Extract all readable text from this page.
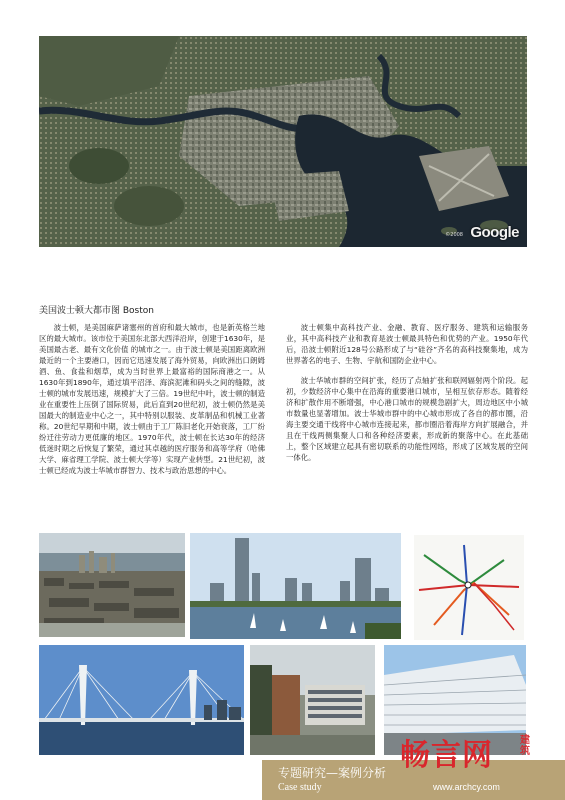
©2008 Google
美国波士顿大都市图 Boston

波士顿，是美国麻萨诸塞州的首府和最大城市，也是新英格兰地区的最大城市。该市位于美国东北部大西洋沿岸，创建于1630年，是美国最古老、最有文化价值 的城市之一。由于波士顿是美国距离欧洲最近的一个主要港口，因而它迅速发展了海外贸易，向欧洲出口朗姆酒、鱼、食盐和烟草，成为当时世界上最富裕的国际商港之一。从1630年到1890年，通过填平沼泽、海滨泥滩和码头之间的缝隙，波士顿的城市发展迅速，规模扩大了三倍。19世纪中叶，波士顿的制造业在重要性上压倒了国际贸易，此后直到20世纪初，波士顿仍然是美国最大的制造业中心之一，其中特别以服装、皮革制品和机械工业著称。20世纪早期和中期，波士顿由于工厂陈旧老化开始衰落，工厂纷纷迁往劳动力更低廉的地区。1970年代，波士顿在长达30年的经济低迷时期之后恢复了繁荣，通过其卓越的医疗服务和高等学府（哈佛大学、麻省理工学院、波士顿大学等）实现产业转型。21世纪初，波士顿已经成为波士华城市群智力、技术与政治思想的中心。

波士顿集中高科技产业、金融、教育、医疗服务、建筑和运输服务业，其中高科技产业和教育是波士顿最具特色和优势的产业。1950年代后，沿波士顿附近128号公路形成了与“硅谷”齐名的高科技聚集地，成为世界著名的电子、生物、宇航和国防企业中心。

波士华城市群的空间扩张，经历了点轴扩张和联网辐射两个阶段。起初，少数经济中心集中在沿海的重要港口城市，呈相互依存形态。随着经济和扩散作用不断增强，中心港口城市的规模急剧扩大，周边地区中小城市数量也显著增加。波士华城市群中的中心城市形成了各自的都市圈，沿海主要交通干线将中心城市连接起来，都市圈沿着海岸方向扩展融合，并且在干线两侧集聚人口和各种经济要素，形成新的聚落中心。在此基础上，整个区域建立起具有密切联系的功能性网络，形成了区域发展的空间一体化。

专题研究—案例分析
Case study
畅言网	建筑
www.archcy.com
